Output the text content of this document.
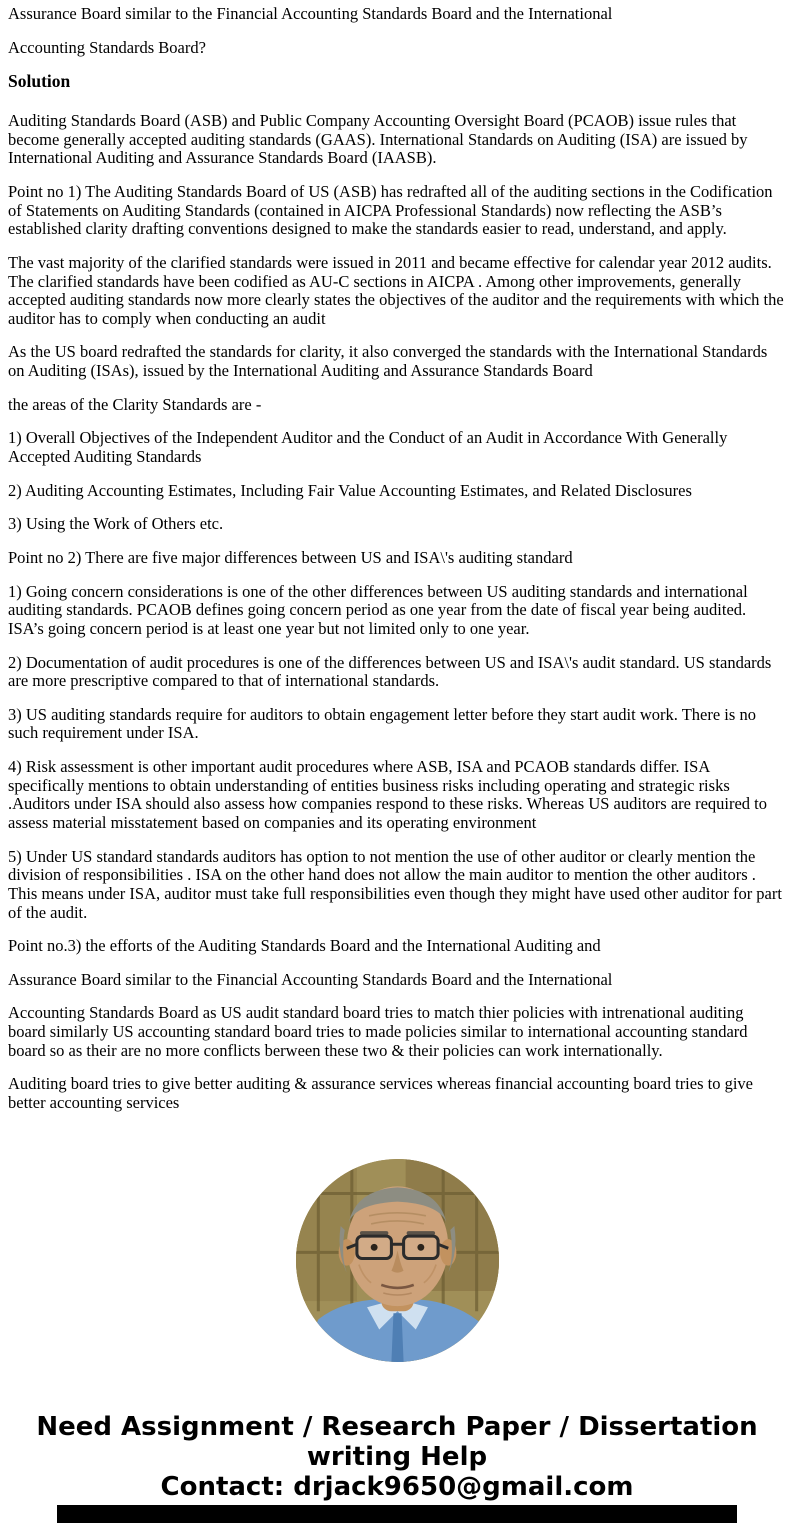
Assurance Board similar to the Financial Accounting Standards Board and the International

Accounting Standards Board?

Solution

Auditing Standards Board (ASB) and Public Company Accounting Oversight Board (PCAOB) issue rules that become generally accepted auditing standards (GAAS). International Standards on Auditing (ISA) are issued by International Auditing and Assurance Standards Board (IAASB).

Point no 1) The Auditing Standards Board of US (ASB) has redrafted all of the auditing sections in the Codification of Statements on Auditing Standards (contained in AICPA Professional Standards) now reflecting the ASB’s established clarity drafting conventions designed to make the standards easier to read, understand, and apply.

The vast majority of the clarified standards were issued in 2011 and became effective for calendar year 2012 audits. The clarified standards have been codified as AU-C sections in AICPA . Among other improvements, generally accepted auditing standards now more clearly states the objectives of the auditor and the requirements with which the auditor has to comply when conducting an audit

As the US board redrafted the standards for clarity, it also converged the standards with the International Standards on Auditing (ISAs), issued by the International Auditing and Assurance Standards Board

the areas of the Clarity Standards are -

1) Overall Objectives of the Independent Auditor and the Conduct of an Audit in Accordance With Generally Accepted Auditing Standards

2) Auditing Accounting Estimates, Including Fair Value Accounting Estimates, and Related Disclosures

3) Using the Work of Others etc.

Point no 2) There are five major differences between US and ISA\'s auditing standard

1) Going concern considerations is one of the other differences between US auditing standards and international auditing standards. PCAOB defines going concern period as one year from the date of fiscal year being audited. ISA’s going concern period is at least one year but not limited only to one year.

2) Documentation of audit procedures is one of the differences between US and ISA\'s audit standard. US standards are more prescriptive compared to that of international standards.

3) US auditing standards require for auditors to obtain engagement letter before they start audit work. There is no such requirement under ISA.

4) Risk assessment is other important audit procedures where ASB, ISA and PCAOB standards differ. ISA specifically mentions to obtain understanding of entities business risks including operating and strategic risks .Auditors under ISA should also assess how companies respond to these risks. Whereas US auditors are required to assess material misstatement based on companies and its operating environment

5) Under US standard standards auditors has option to not mention the use of other auditor or clearly mention the division of responsibilities . ISA on the other hand does not allow the main auditor to mention the other auditors . This means under ISA, auditor must take full responsibilities even though they might have used other auditor for part of the audit.

Point no.3) the efforts of the Auditing Standards Board and the International Auditing and

Assurance Board similar to the Financial Accounting Standards Board and the International

Accounting Standards Board as US audit standard board tries to match thier policies with intrenational auditing board similarly US accounting standard board tries to made policies similar to international accounting standard board so as their are no more conflicts berween these two & their policies can work internationally.

Auditing board tries to give better auditing & assurance services whereas financial accounting board tries to give better accounting services

Need Assignment / Research Paper / Dissertation writing Help
Contact: drjack9650@gmail.com
